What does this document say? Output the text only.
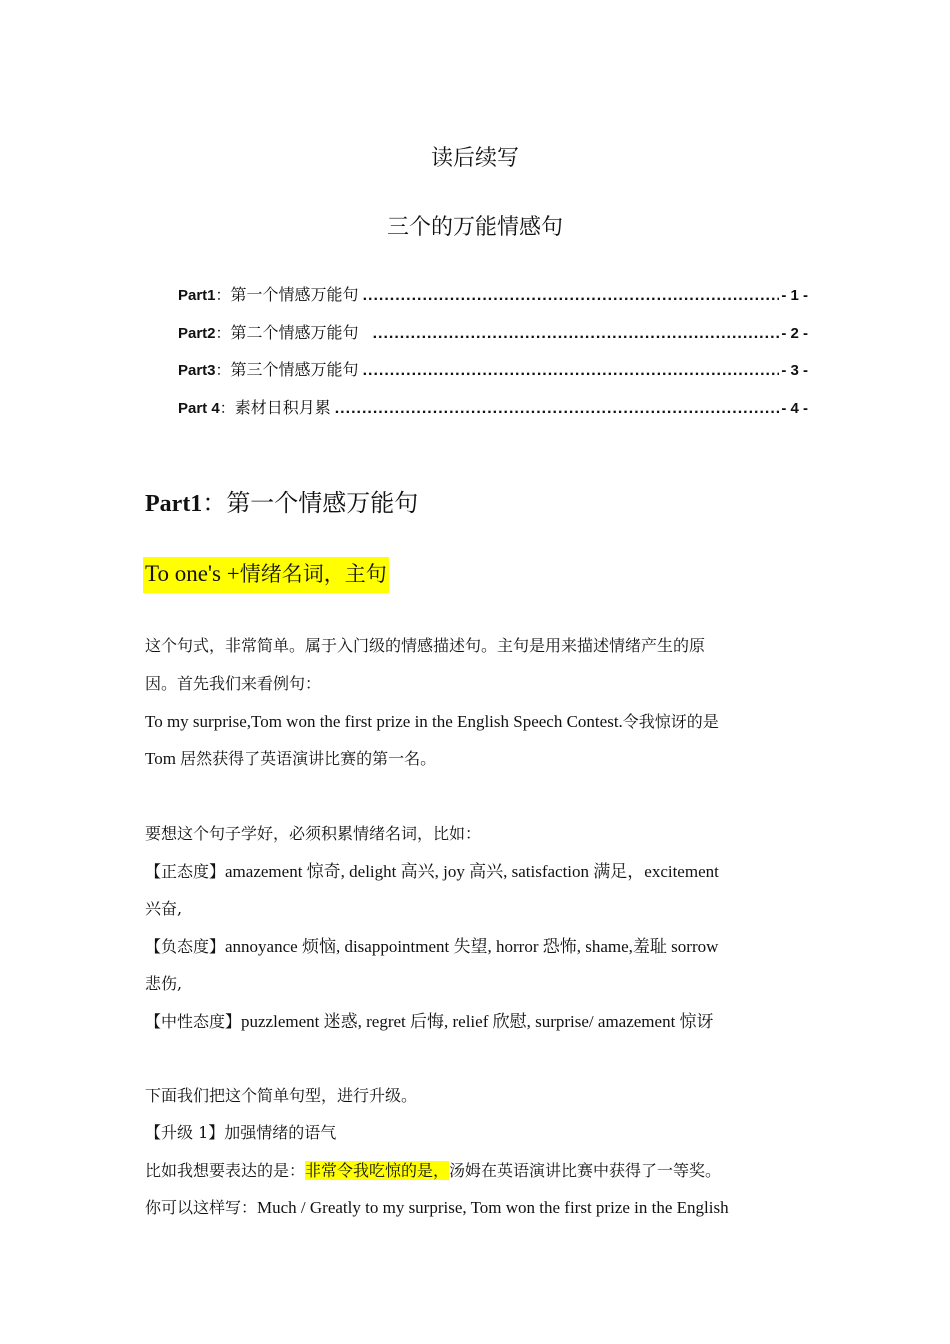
读后续写
三个的万能情感句
Part1 ： 第一个情感万能句 .....	- 1 -
Part2 ： 第二个情感万能句 .....	- 2 -
Part3 ： 第三个情感万能句 .....	- 3 -
Part 4 ： 素材日积月累 .....	- 4 -
Part1：第一个情感万能句
To one's +情绪名词，主句
这个句式，非常简单。属于入门级的情感描述句。主句是用来描述情绪产生的原
因。首先我们来看例句：
To my surprise,Tom won the first prize in the English Speech Contest.令我惊讶的是
Tom 居然获得了英语演讲比赛的第一名。
要想这个句子学好，必须积累情绪名词，比如：
【正态度】amazement 惊奇, delight 高兴, joy 高兴, satisfaction 满足，excitement
兴奋,
【负态度】annoyance 烦恼, disappointment 失望, horror 恐怖, shame,羞耻 sorrow
悲伤,
【中性态度】puzzlement 迷惑, regret 后悔, relief 欣慰, surprise/ amazement 惊讶
下面我们把这个简单句型，进行升级。
【升级 1】加强情绪的语气
比如我想要表达的是：非常令我吃惊的是，汤姆在英语演讲比赛中获得了一等奖。
你可以这样写：Much / Greatly to my surprise, Tom won the first prize in the English
